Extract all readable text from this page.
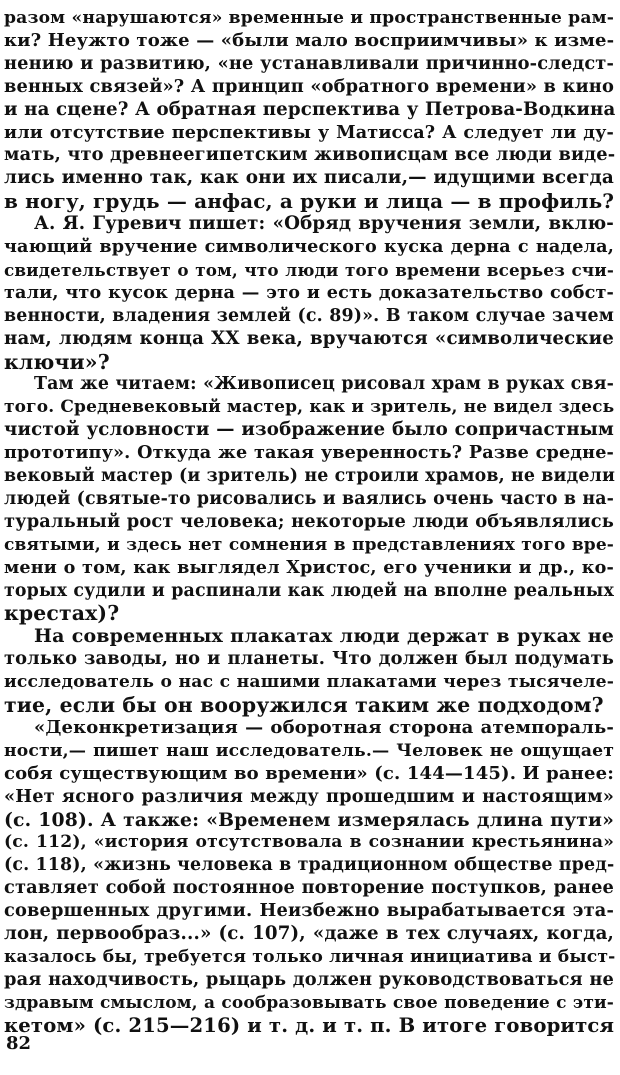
разом «нарушаются» временные и пространственные рам-
ки? Неужто тоже — «были мало восприимчивы» к изме-
нению и развитию, «не устанавливали причинно-следст-
венных связей»? А принцип «обратного времени» в кино
и на сцене? А обратная перспектива у Петрова-Водкина
или отсутствие перспективы у Матисса? А следует ли ду-
мать, что древнеегипетским живописцам все люди виде-
лись именно так, как они их писали,— идущими всегда
в ногу, грудь — анфас, а руки и лица — в профиль?
А. Я. Гуревич пишет: «Обряд вручения земли, вклю-
чающий вручение символического куска дерна с надела,
свидетельствует о том, что люди того времени всерьез счи-
тали, что кусок дерна — это и есть доказательство собст-
венности, владения землей (с. 89)». В таком случае зачем
нам, людям конца XX века, вручаются «символические
ключи»?
Там же читаем: «Живописец рисовал храм в руках свя-
того. Средневековый мастер, как и зритель, не видел здесь
чистой условности — изображение было сопричастным
прототипу». Откуда же такая уверенность? Разве средне-
вековый мастер (и зритель) не строили храмов, не видели
людей (святые-то рисовались и ваялись очень часто в на-
туральный рост человека; некоторые люди объявлялись
святыми, и здесь нет сомнения в представлениях того вре-
мени о том, как выглядел Христос, его ученики и др., ко-
торых судили и распинали как людей на вполне реальных
крестах)?
На современных плакатах люди держат в руках не
только заводы, но и планеты. Что должен был подумать
исследователь о нас с нашими плакатами через тысячеле-
тие, если бы он вооружился таким же подходом?
«Деконкретизация — оборотная сторона атемпораль-
ности,— пишет наш исследователь.— Человек не ощущает
собя существующим во времени» (с. 144—145). И ранее:
«Нет ясного различия между прошедшим и настоящим»
(с. 108). А также: «Временем измерялась длина пути»
(с. 112), «история отсутствовала в сознании крестьянина»
(с. 118), «жизнь человека в традиционном обществе пред-
ставляет собой постоянное повторение поступков, ранее
совершенных другими. Неизбежно вырабатывается эта-
лон, первообраз...» (с. 107), «даже в тех случаях, когда,
казалось бы, требуется только личная инициатива и быст-
рая находчивость, рыцарь должен руководствоваться не
здравым смыслом, а сообразовывать свое поведение с эти-
кетом» (с. 215—216) и т. д. и т. п. В итоге говорится
82
